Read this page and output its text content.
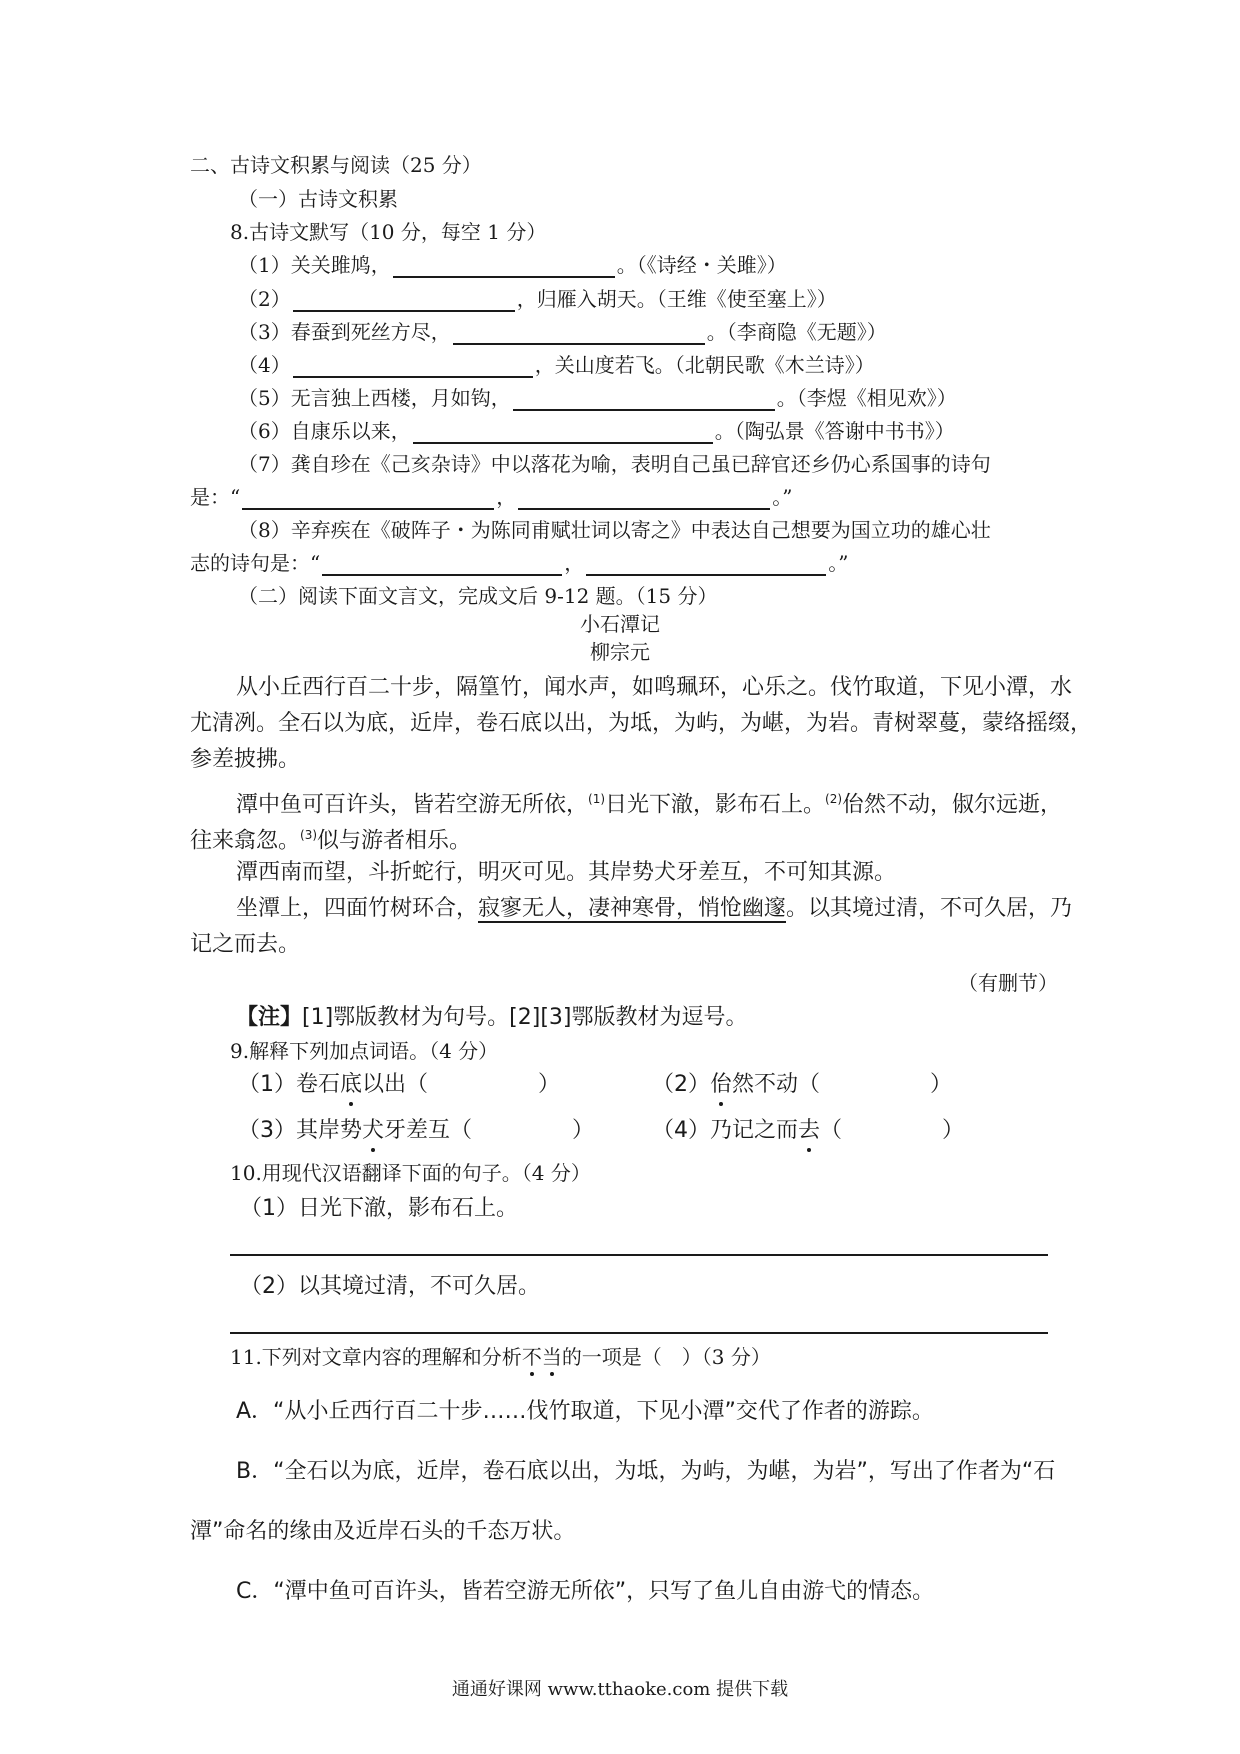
二、古诗文积累与阅读（25 分）
（一）古诗文积累
8.古诗文默写（10 分，每空 1 分）
（1）关关雎鸠，	。（《诗经・关雎》）
（2）	，归雁入胡天。（王维《使至塞上》）
（3）春蚕到死丝方尽，	。（李商隐《无题》）
（4）	，关山度若飞。（北朝民歌《木兰诗》）
（5）无言独上西楼，月如钩，	。（李煜《相见欢》）
（6）自康乐以来，	。（陶弘景《答谢中书书》）
（7）龚自珍在《己亥杂诗》中以落花为喻，表明自己虽已辞官还乡仍心系国事的诗句
是：“	，	。”
（8）辛弃疾在《破阵子・为陈同甫赋壮词以寄之》中表达自己想要为国立功的雄心壮
志的诗句是：“	，	。”
（二）阅读下面文言文，完成文后 9-12 题。（15 分）
小石潭记
柳宗元
从小丘西行百二十步，隔篁竹，闻水声，如鸣珮环，心乐之。伐竹取道，下见小潭，水
尤清冽。全石以为底，近岸，卷石底以出，为坻，为屿，为嵁，为岩。青树翠蔓，蒙络摇缀，
参差披拂。
潭中鱼可百许头，皆若空游无所依，$^{(1)}$日光下澈，影布石上。$^{(2)}$佁然不动，俶尔远逝，
往来翕忽。$^{(3)}$似与游者相乐。
潭西南而望，斗折蛇行，明灭可见。其岸势犬牙差互，不可知其源。
坐潭上，四面竹树环合，寂寥无人，凄神寒骨，悄怆幽邃。以其境过清，不可久居，乃
记之而去。
（有删节）
【注】[1]鄂版教材为句号。[2][3]鄂版教材为逗号。
9.解释下列加点词语。（4 分）
（1）卷石底以出（	）	（2）佁然不动（	）
（3）其岸势犬牙差互（	）	（4）乃记之而去（	）
10.用现代汉语翻译下面的句子。（4 分）
（1）日光下澈，影布石上。
（2）以其境过清，不可久居。
11.下列对文章内容的理解和分析不当的一项是（　）（3 分）
A．“从小丘西行百二十步……伐竹取道，下见小潭”交代了作者的游踪。
B．“全石以为底，近岸，卷石底以出，为坻，为屿，为嵁，为岩”，写出了作者为“石
潭”命名的缘由及近岸石头的千态万状。
C．“潭中鱼可百许头，皆若空游无所依”，只写了鱼儿自由游弋的情态。
通通好课网 www.tthaoke.com 提供下载
